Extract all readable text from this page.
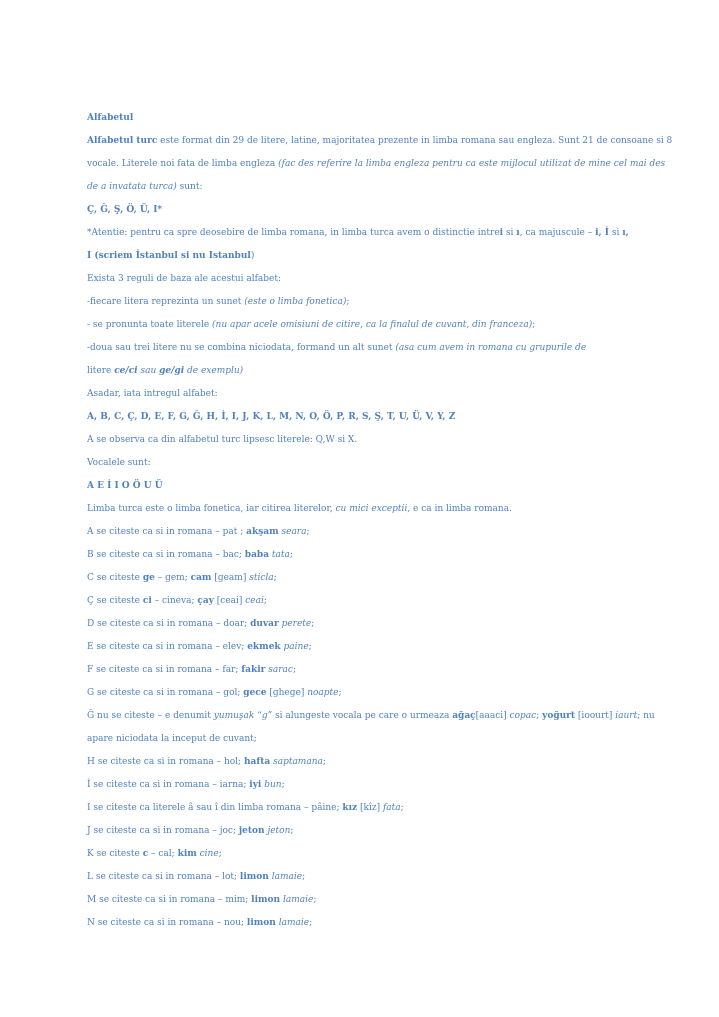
Alfabetul
Alfabetul turc este format din 29 de litere, latine, majoritatea prezente in limba romana sau engleza. Sunt 21 de consoane si 8
vocale. Literele noi fata de limba engleza (fac des referire la limba engleza pentru ca este mijlocul utilizat de mine cel mai des
de a invatata turca) sunt:
Ç, Ğ, Ş, Ö, Ü, I*
*Atentie: pentru ca spre deosebire de limba romana, in limba turca avem o distinctie intrei si ı, ca majuscule – i, İ si ı,
I (scriem İstanbul si nu Istanbul)
Exista 3 reguli de baza ale acestui alfabet:
-fiecare litera reprezinta un sunet (este o limba fonetica);
- se pronunta toate literele (nu apar acele omisiuni de citire, ca la finalul de cuvant, din franceza);
-doua sau trei litere nu se combina niciodata, formand un alt sunet (asa cum avem in romana cu grupurile de
litere ce/ci sau ge/gi de exemplu)
Asadar, iata intregul alfabet:
A, B, C, Ç, D, E, F, G, Ğ, H, İ, I, J, K, L, M, N, O, Ö, P, R, S, Ş, T, U, Ü, V, Y, Z
A se observa ca din alfabetul turc lipsesc literele: Q,W si X.
Vocalele sunt:
A E İ I O Ö U Ü
Limba turca este o limba fonetica, iar citirea literelor, cu mici exceptii, e ca in limba romana.
A se citeste ca si in romana – pat ; akşam seara;
B se citeste ca si in romana – bac; baba tata;
C se citeste ge – gem; cam [geam] sticla;
Ç se citeste ci – cineva; çay [ceai] ceai;
D se citeste ca si in romana – doar; duvar perete;
E se citeste ca si in romana – elev; ekmek paine;
F se citeste ca si in romana – far; fakir sarac;
G se citeste ca si in romana – gol; gece [ghege] noapte;
Ğ nu se citeste – e denumit yumuşak “g” si alungeste vocala pe care o urmeaza ağaç[aaaci] copac; yoğurt [ioourt] iaurt; nu
apare niciodata la inceput de cuvant;
H se citeste ca si in romana – hol; hafta saptamana;
İ se citeste ca si in romana – iarna; iyi bun;
I se citeste ca literele â sau î din limba romana – pâine; kız [kîz] fata;
J se citeste ca si in romana – joc; jeton jeton;
K se citeste c – cal; kim cine;
L se citeste ca si in romana – lot; limon lamaie;
M se citeste ca si in romana – mim; limon lamaie;
N se citeste ca si in romana – nou; limon lamaie;
